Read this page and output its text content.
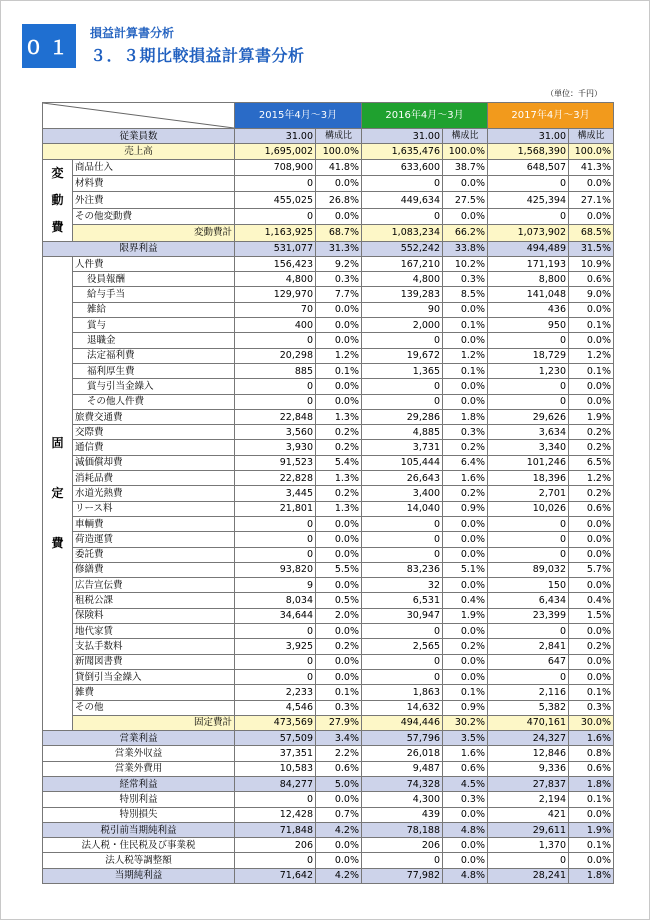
０１
損益計算書分析
３．３期比較損益計算書分析
（単位：千円）
	2015年4月～3月		2016年4月～3月		2017年4月～3月	
従業員数		31.00	構成比	31.00	構成比	31.00	構成比
売上高		1,695,002	100.0%	1,635,476	100.0%	1,568,390	100.0%

変
動
費	商品仕入	708,900	41.8%	633,600	38.7%	648,507	41.3%
	材料費	0	0.0%	0	0.0%	0	0.0%
	外注費	455,025	26.8%	449,634	27.5%	425,394	27.1%
	その他変動費	0	0.0%	0	0.0%	0	0.0%
	変動費計	1,163,925	68.7%	1,083,234	66.2%	1,073,902	68.5%
限界利益		531,077	31.3%	552,242	33.8%	494,489	31.5%

固
定
費	人件費	156,423	9.2%	167,210	10.2%	171,193	10.9%
	役員報酬	4,800	0.3%	4,800	0.3%	8,800	0.6%
	給与手当	129,970	7.7%	139,283	8.5%	141,048	9.0%
	雑給	70	0.0%	90	0.0%	436	0.0%
	賞与	400	0.0%	2,000	0.1%	950	0.1%
	退職金	0	0.0%	0	0.0%	0	0.0%
	法定福利費	20,298	1.2%	19,672	1.2%	18,729	1.2%
	福利厚生費	885	0.1%	1,365	0.1%	1,230	0.1%
	賞与引当金繰入	0	0.0%	0	0.0%	0	0.0%
	その他人件費	0	0.0%	0	0.0%	0	0.0%
	旅費交通費	22,848	1.3%	29,286	1.8%	29,626	1.9%
	交際費	3,560	0.2%	4,885	0.3%	3,634	0.2%
	通信費	3,930	0.2%	3,731	0.2%	3,340	0.2%
	減価償却費	91,523	5.4%	105,444	6.4%	101,246	6.5%
	消耗品費	22,828	1.3%	26,643	1.6%	18,396	1.2%
	水道光熱費	3,445	0.2%	3,400	0.2%	2,701	0.2%
	リース料	21,801	1.3%	14,040	0.9%	10,026	0.6%
	車輌費	0	0.0%	0	0.0%	0	0.0%
	荷造運賃	0	0.0%	0	0.0%	0	0.0%
	委託費	0	0.0%	0	0.0%	0	0.0%
	修繕費	93,820	5.5%	83,236	5.1%	89,032	5.7%
	広告宣伝費	9	0.0%	32	0.0%	150	0.0%
	租税公課	8,034	0.5%	6,531	0.4%	6,434	0.4%
	保険料	34,644	2.0%	30,947	1.9%	23,399	1.5%
	地代家賃	0	0.0%	0	0.0%	0	0.0%
	支払手数料	3,925	0.2%	2,565	0.2%	2,841	0.2%
	新聞図書費	0	0.0%	0	0.0%	647	0.0%
	貸倒引当金繰入	0	0.0%	0	0.0%	0	0.0%
	雑費	2,233	0.1%	1,863	0.1%	2,116	0.1%
	その他	4,546	0.3%	14,632	0.9%	5,382	0.3%
	固定費計	473,569	27.9%	494,446	30.2%	470,161	30.0%
営業利益		57,509	3.4%	57,796	3.5%	24,327	1.6%
営業外収益		37,351	2.2%	26,018	1.6%	12,846	0.8%
営業外費用		10,583	0.6%	9,487	0.6%	9,336	0.6%
経常利益		84,277	5.0%	74,328	4.5%	27,837	1.8%
特別利益		0	0.0%	4,300	0.3%	2,194	0.1%
特別損失		12,428	0.7%	439	0.0%	421	0.0%
税引前当期純利益		71,848	4.2%	78,188	4.8%	29,611	1.9%
法人税・住民税及び事業税		206	0.0%	206	0.0%	1,370	0.1%
法人税等調整額		0	0.0%	0	0.0%	0	0.0%
当期純利益		71,642	4.2%	77,982	4.8%	28,241	1.8%
